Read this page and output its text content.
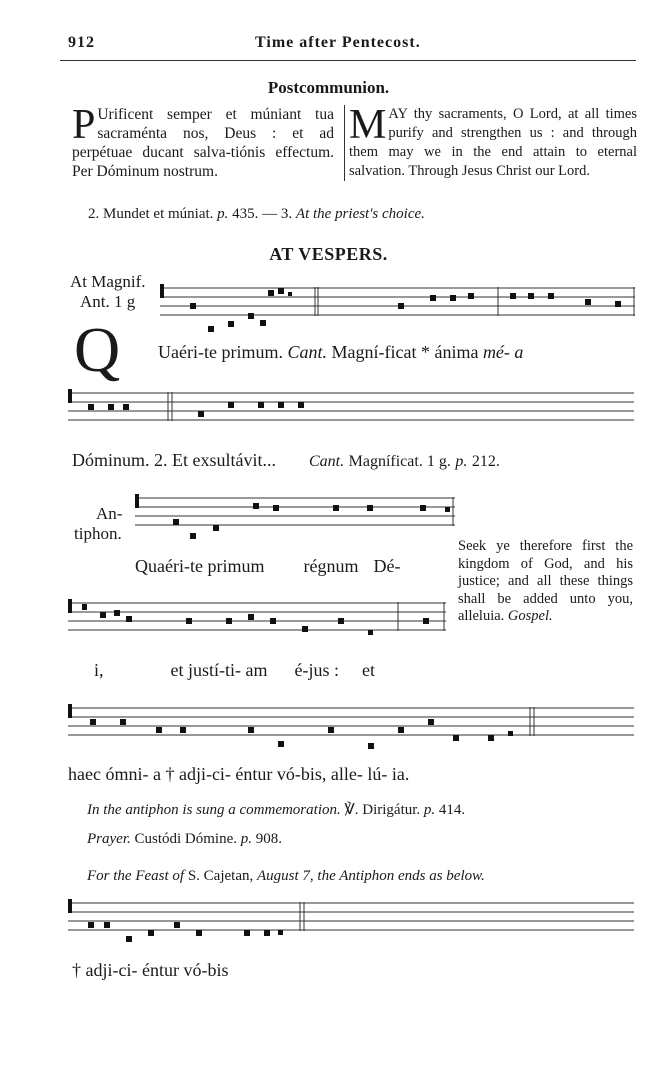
912	Time after Pentecost.
Postcommunion.
P Urificent semper et múniant tua sacraménta nos, Deus : et ad perpétuae ducant salva-tiónis effectum. Per Dóminum nostrum.
MAY thy sacraments, O Lord, at all times purify and strengthen us : and through them may we in the end attain to eternal salvation. Through Jesus Christ our Lord.
2. Mundet et múniat. p. 435. — 3. At the priest's choice.
AT VESPERS.
At Magnif.
Ant. 1 g
Q Uaéri-te primum. Cant. Magní-ficat * ánima mé- a
Dóminum. 2. Et exsultávit... Cant. Magníficat. 1 g. p. 212.
An-
tiphon.
Quaéri-te primum régnum Dé-
Seek ye therefore first the kingdom of God, and his justice; and all these things shall be added unto you, alleluia. Gospel.
i,	et justí-ti- am é-jus : et
haec ómni- a † adji-ci- éntur vó-bis, alle- lú- ia.
In the antiphon is sung a commemoration. ℣. Dirigátur. p. 414.
Prayer. Custódi Dómine. p. 908.
For the Feast of S. Cajetan, August 7, the Antiphon ends as below.
† adji-ci- éntur vó-bis
